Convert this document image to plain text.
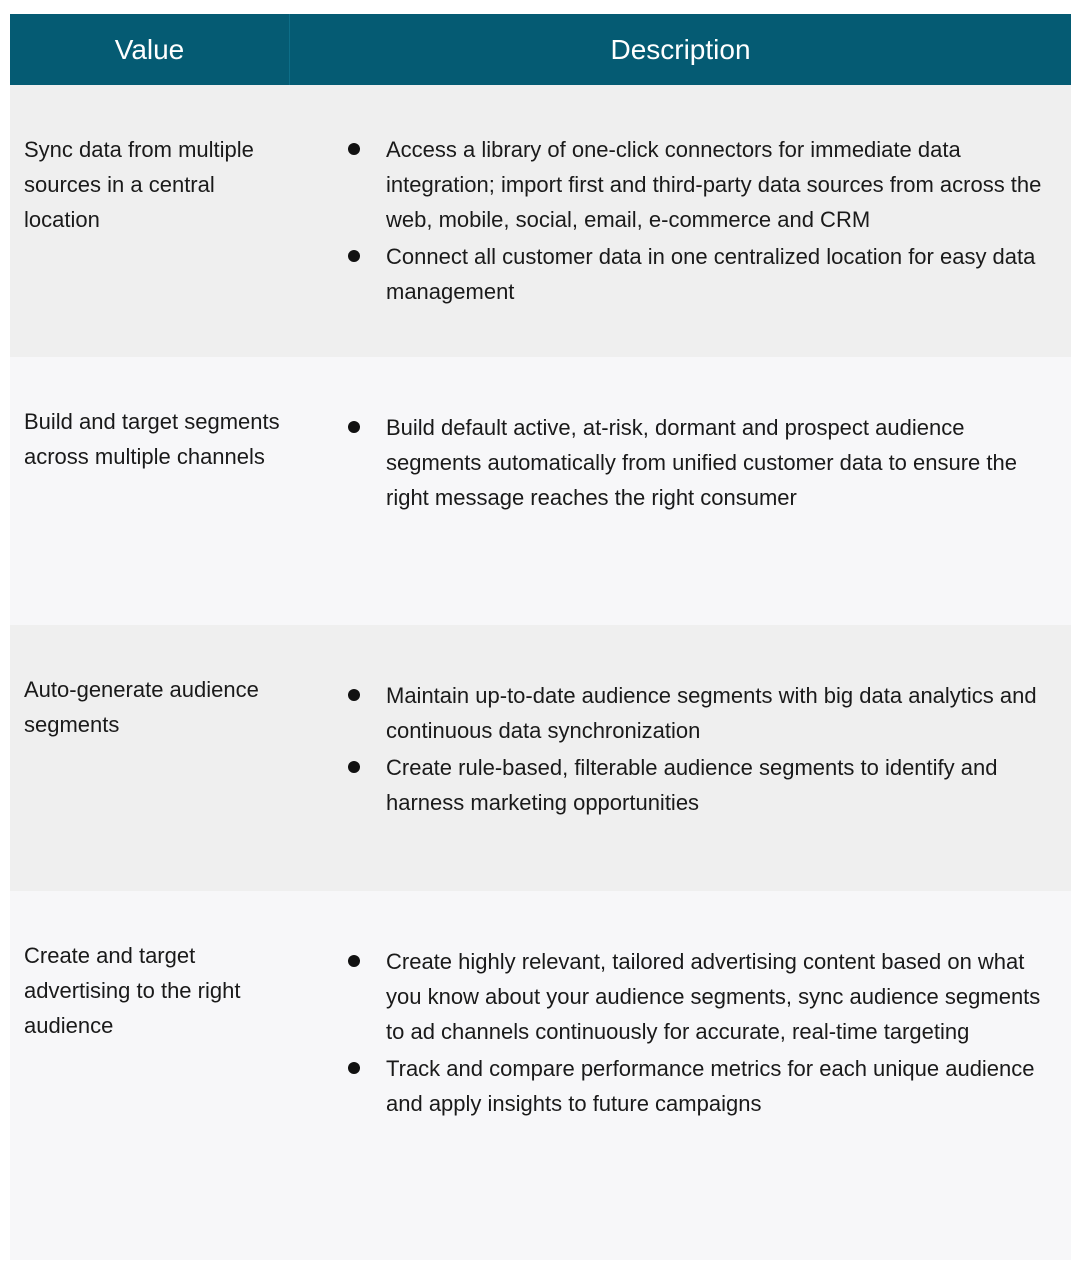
Value	Description
Sync data from multiple sources in a central location
Access a library of one-click connectors for immediate data integration; import first and third-party data sources from across the web, mobile, social, email, e-commerce and CRM
Connect all customer data in one centralized location for easy data management
Build and target segments across multiple channels
Build default active, at-risk, dormant and prospect audience segments automatically from unified customer data to ensure the right message reaches the right consumer
Auto-generate audience segments
Maintain up-to-date audience segments with big data analytics and continuous data synchronization
Create rule-based, filterable audience segments to identify and harness marketing opportunities
Create and target advertising to the right audience
Create highly relevant, tailored advertising content based on what you know about your audience segments, sync audience segments to ad channels continuously for accurate, real-time targeting
Track and compare performance metrics for each unique audience and apply insights to future campaigns
